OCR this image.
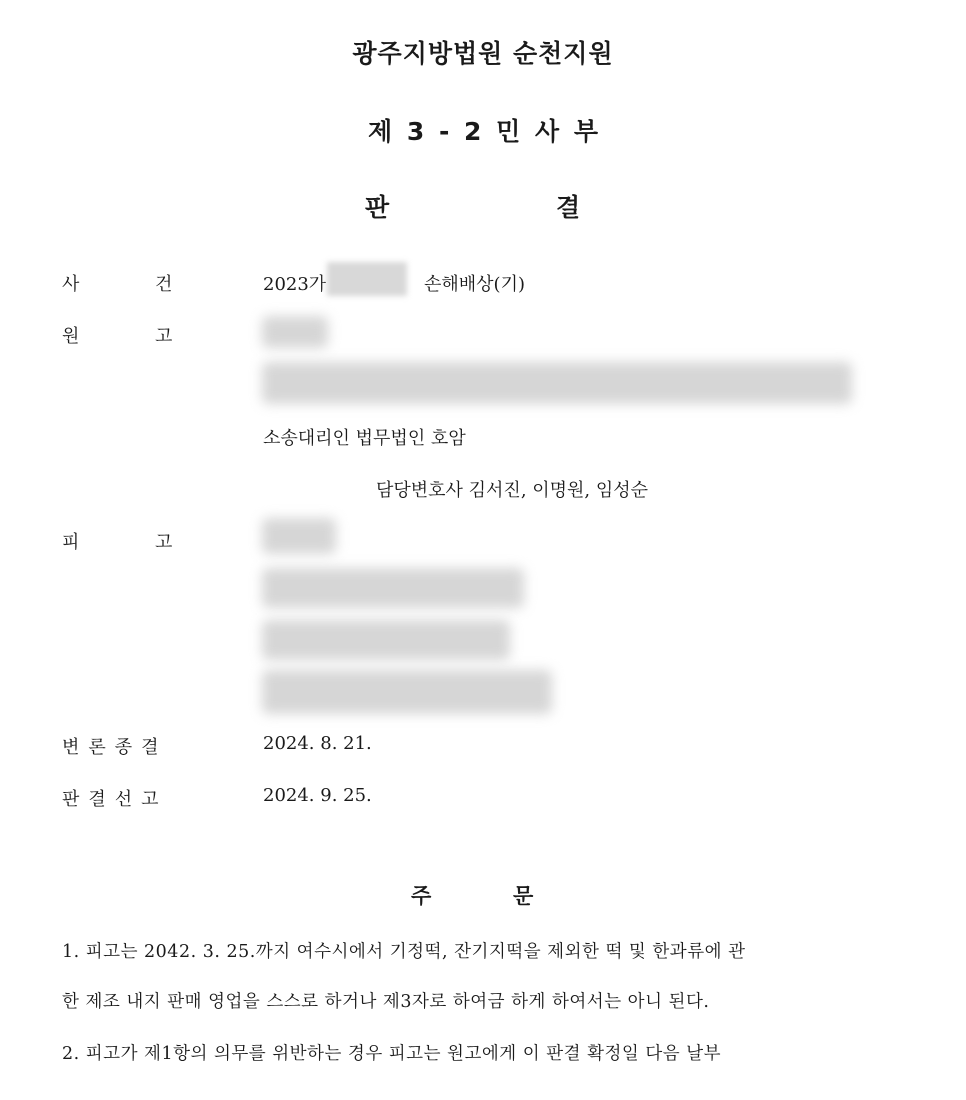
광주지방법원 순천지원
제 3 - 2 민 사 부
판	결
사	건	2023가	손해배상(기)
원	고
소송대리인 법무법인 호암
담당변호사 김서진, 이명원, 임성순
피	고
변론종결	2024. 8. 21.
판결선고	2024. 9. 25.
주	문
1. 피고는 2042. 3. 25.까지 여수시에서 기정떡, 잔기지떡을 제외한 떡 및 한과류에 관
한 제조 내지 판매 영업을 스스로 하거나 제3자로 하여금 하게 하여서는 아니 된다.
2. 피고가 제1항의 의무를 위반하는 경우 피고는 원고에게 이 판결 확정일 다음 날부
